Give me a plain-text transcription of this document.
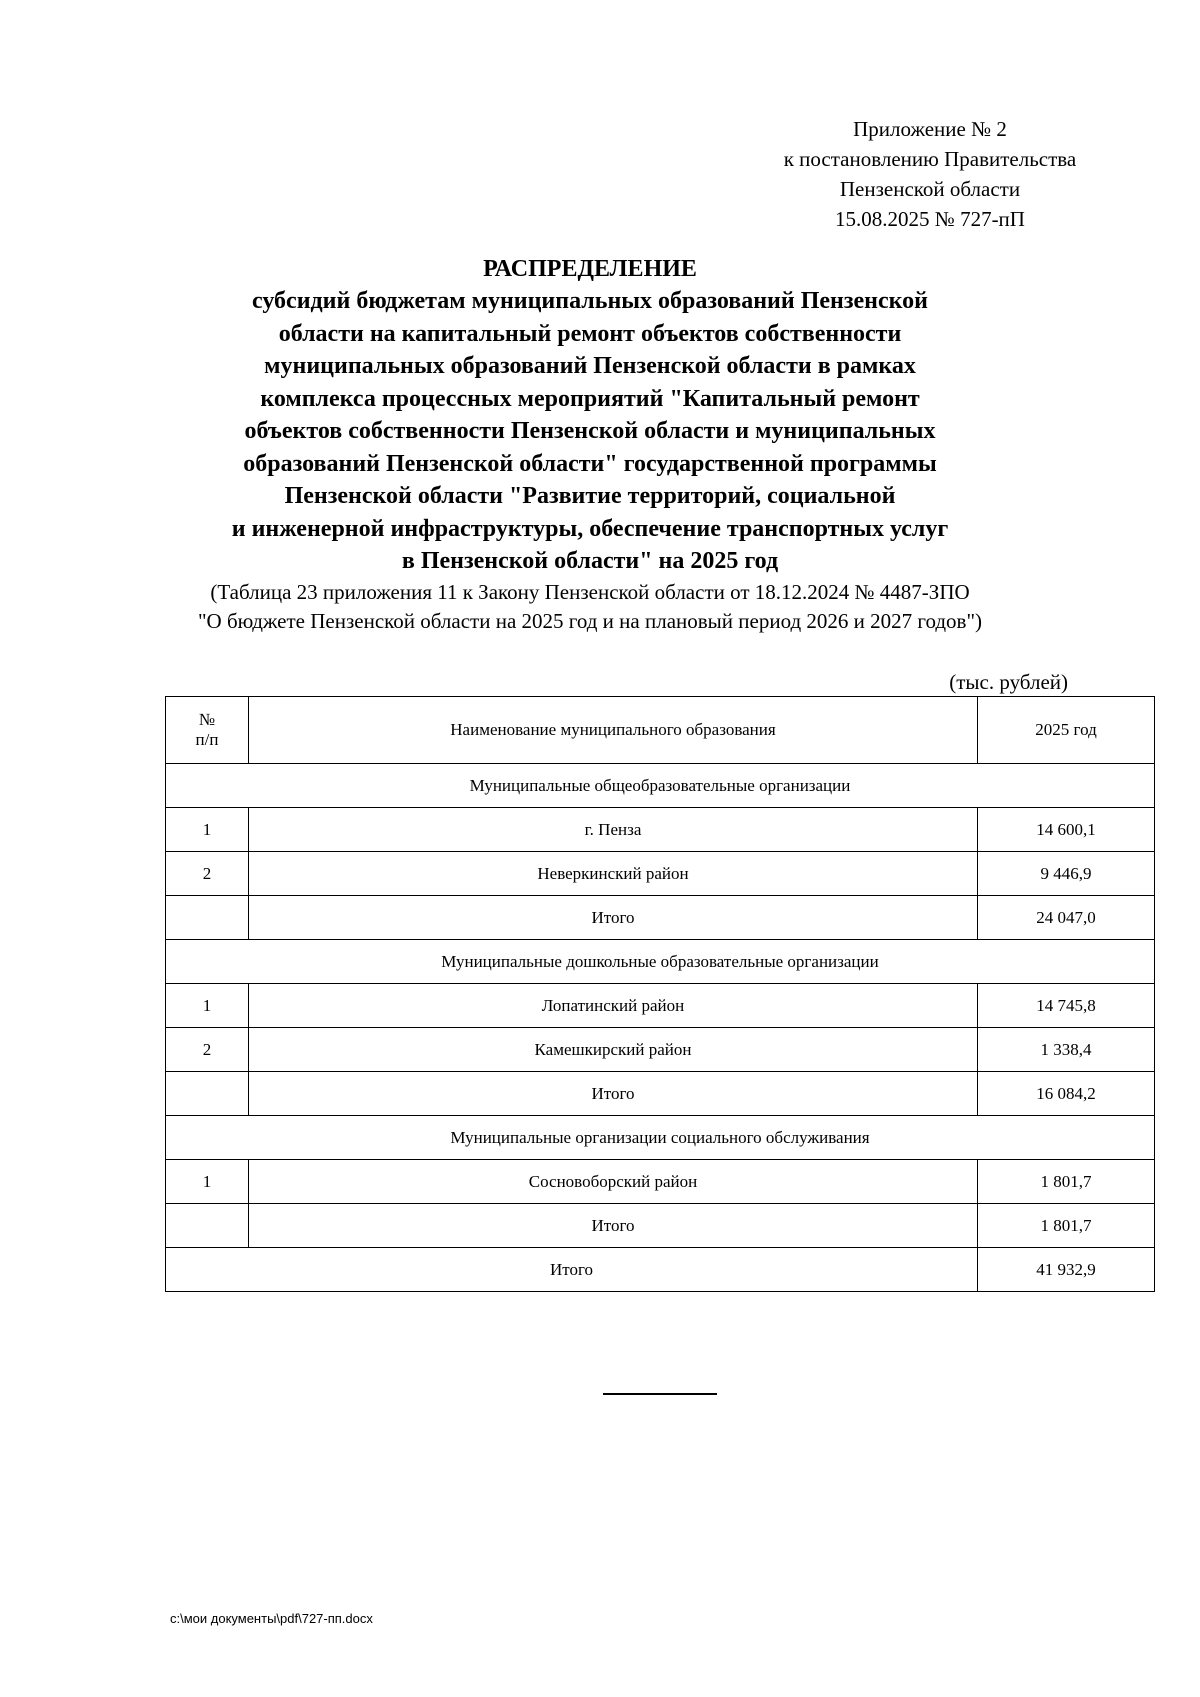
Приложение № 2
к постановлению Правительства
Пензенской области
15.08.2025 № 727-пП
РАСПРЕДЕЛЕНИЕ
субсидий бюджетам муниципальных образований Пензенской
области на капитальный ремонт объектов собственности
муниципальных образований Пензенской области в рамках
комплекса процессных мероприятий "Капитальный ремонт
объектов собственности Пензенской области и муниципальных
образований Пензенской области" государственной программы
Пензенской области "Развитие территорий, социальной
и инженерной инфраструктуры, обеспечение транспортных услуг
в Пензенской области" на 2025 год
(Таблица 23 приложения 11 к Закону Пензенской области от 18.12.2024 № 4487-ЗПО
"О бюджете Пензенской области на 2025 год и на плановый период 2026 и 2027 годов")
(тыс. рублей)
№
п/п	Наименование муниципального образования	2025 год
Муниципальные общеобразовательные организации		
1	г. Пенза	14 600,1
2	Неверкинский район	9 446,9
	Итого	24 047,0
Муниципальные дошкольные образовательные организации		
1	Лопатинский район	14 745,8
2	Камешкирский район	1 338,4
	Итого	16 084,2
Муниципальные организации социального обслуживания		
1	Сосновоборский район	1 801,7
	Итого	1 801,7
Итого		41 932,9
c:\мои документы\pdf\727-пп.docx
